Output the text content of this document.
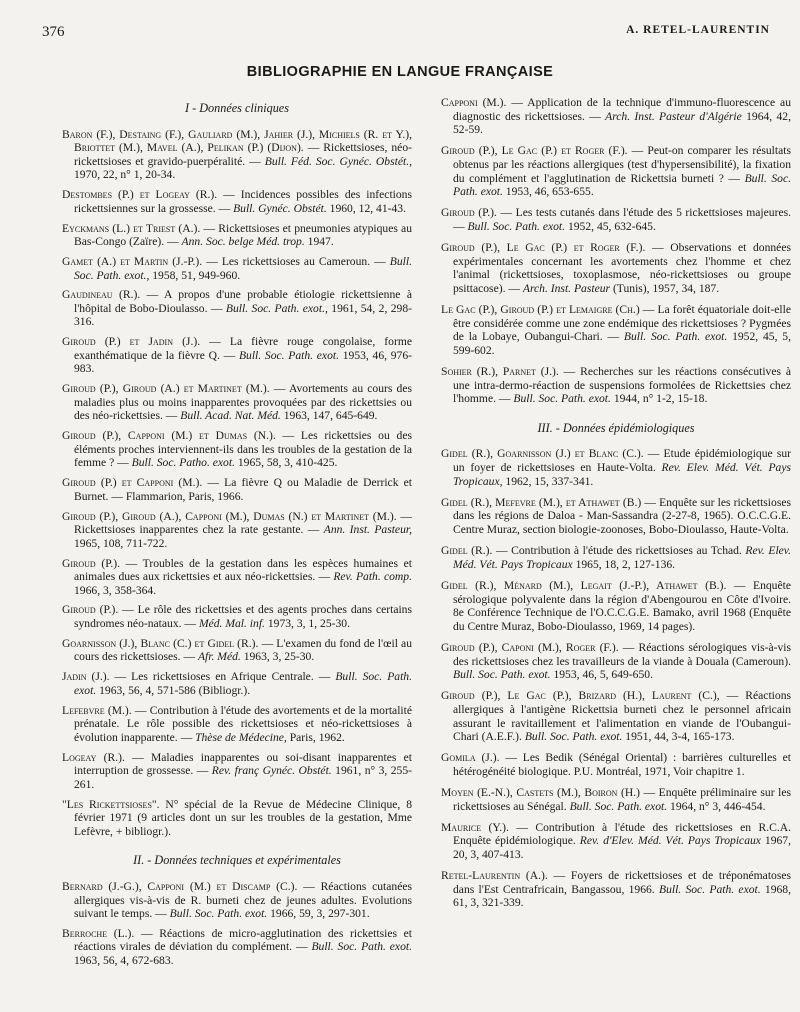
376	A. RETEL-LAURENTIN
BIBLIOGRAPHIE EN LANGUE FRANÇAISE
I - Données cliniques

Baron (F.), Destaing (F.), Gauliard (M.), Jahier (J.), Michiels (R. et Y.), Briottet (M.), Mavel (A.), Pelikan (P.) (Dijon). — Rickettsioses, néo-rickettsioses et gravido-puerpéralité. — Bull. Féd. Soc. Gynéc. Obstét., 1970, 22, n° 1, 20-34.

Destombes (P.) et Logeay (R.). — Incidences possibles des infections rickettsiennes sur la grossesse. — Bull. Gynéc. Obstét. 1960, 12, 41-43.

Eyckmans (L.) et Triest (A.). — Rickettsioses et pneumonies atypiques au Bas-Congo (Zaïre). — Ann. Soc. belge Méd. trop. 1947.

Gamet (A.) et Martin (J.-P.). — Les rickettsioses au Cameroun. — Bull. Soc. Path. exot., 1958, 51, 949-960.

Gaudineau (R.). — A propos d'une probable étiologie rickettsienne à l'hôpital de Bobo-Dioulasso. — Bull. Soc. Path. exot., 1961, 54, 2, 298-316.

Giroud (P.) et Jadin (J.). — La fièvre rouge congolaise, forme exanthématique de la fièvre Q. — Bull. Soc. Path. exot. 1953, 46, 976-983.

Giroud (P.), Giroud (A.) et Martinet (M.). — Avortements au cours des maladies plus ou moins inapparentes provoquées par des rickettsies ou des néo-rickettsies. — Bull. Acad. Nat. Méd. 1963, 147, 645-649.

Giroud (P.), Capponi (M.) et Dumas (N.). — Les rickettsies ou des éléments proches interviennent-ils dans les troubles de la gestation de la femme ? — Bull. Soc. Patho. exot. 1965, 58, 3, 410-425.

Giroud (P.) et Capponi (M.). — La fièvre Q ou Maladie de Derrick et Burnet. — Flammarion, Paris, 1966.

Giroud (P.), Giroud (A.), Capponi (M.), Dumas (N.) et Martinet (M.). — Rickettsioses inapparentes chez la rate gestante. — Ann. Inst. Pasteur, 1965, 108, 711-722.

Giroud (P.). — Troubles de la gestation dans les espèces humaines et animales dues aux rickettsies et aux néo-rickettsies. — Rev. Path. comp. 1966, 3, 358-364.

Giroud (P.). — Le rôle des rickettsies et des agents proches dans certains syndromes néo-nataux. — Méd. Mal. inf. 1973, 3, 1, 25-30.

Goarnisson (J.), Blanc (C.) et Gidel (R.). — L'examen du fond de l'œil au cours des rickettsioses. — Afr. Méd. 1963, 3, 25-30.

Jadin (J.). — Les rickettsioses en Afrique Centrale. — Bull. Soc. Path. exot. 1963, 56, 4, 571-586 (Bibliogr.).

Lefebvre (M.). — Contribution à l'étude des avortements et de la mortalité prénatale. Le rôle possible des rickettsioses et néo-rickettsioses à évolution inapparente. — Thèse de Médecine, Paris, 1962.

Logeay (R.). — Maladies inapparentes ou soi-disant inapparentes et interruption de grossesse. — Rev. franç Gynéc. Obstét. 1961, n° 3, 255-261.

"Les Rickettsioses". N° spécial de la Revue de Médecine Clinique, 8 février 1971 (9 articles dont un sur les troubles de la gestation, Mme Lefèvre, + bibliogr.).

II. - Données techniques et expérimentales

Bernard (J.-G.), Capponi (M.) et Discamp (C.). — Réactions cutanées allergiques vis-à-vis de R. burneti chez de jeunes adultes. Evolutions suivant le temps. — Bull. Soc. Path. exot. 1966, 59, 3, 297-301.

Berroche (L.). — Réactions de micro-agglutination des rickettsies et réactions virales de déviation du complément. — Bull. Soc. Path. exot. 1963, 56, 4, 672-683.

Capponi (M.). — Application de la technique d'immuno-fluorescence au diagnostic des rickettsioses. — Arch. Inst. Pasteur d'Algérie 1964, 42, 52-59.

Giroud (P.), Le Gac (P.) et Roger (F.). — Peut-on comparer les résultats obtenus par les réactions allergiques (test d'hypersensibilité), la fixation du complément et l'agglutination de Rickettsia burneti ? — Bull. Soc. Path. exot. 1953, 46, 653-655.

Giroud (P.). — Les tests cutanés dans l'étude des 5 rickettsioses majeures. — Bull. Soc. Path. exot. 1952, 45, 632-645.

Giroud (P.), Le Gac (P.) et Roger (F.). — Observations et données expérimentales concernant les avortements chez l'homme et chez l'animal (rickettsioses, toxoplasmose, néo-rickettsioses ou groupe psittacose). — Arch. Inst. Pasteur (Tunis), 1957, 34, 187.

Le Gac (P.), Giroud (P.) et Lemaigre (Ch.) — La forêt équatoriale doit-elle être considérée comme une zone endémique des rickettsioses ? Pygmées de la Lobaye, Oubangui-Chari. — Bull. Soc. Path. exot. 1952, 45, 5, 599-602.

Sohier (R.), Parnet (J.). — Recherches sur les réactions consécutives à une intra-dermo-réaction de suspensions formolées de Rickettsies chez l'homme. — Bull. Soc. Path. exot. 1944, n° 1-2, 15-18.

III. - Données épidémiologiques

Gidel (R.), Goarnisson (J.) et Blanc (C.). — Etude épidémiologique sur un foyer de rickettsioses en Haute-Volta. Rev. Elev. Méd. Vét. Pays Tropicaux, 1962, 15, 337-341.

Gidel (R.), Mefevre (M.), et Athawet (B.) — Enquête sur les rickettsioses dans les régions de Daloa - Man-Sassandra (2-27-8, 1965). O.C.C.G.E. Centre Muraz, section biologie-zoonoses, Bobo-Dioulasso, Haute-Volta.

Gidel (R.). — Contribution à l'étude des rickettsioses au Tchad. Rev. Elev. Méd. Vét. Pays Tropicaux 1965, 18, 2, 127-136.

Gidel (R.), Ménard (M.), Legait (J.-P.), Athawet (B.). — Enquête sérologique polyvalente dans la région d'Abengourou en Côte d'Ivoire. 8e Conférence Technique de l'O.C.C.G.E. Bamako, avril 1968 (Enquête du Centre Muraz, Bobo-Dioulasso, 1969, 14 pages).

Giroud (P.), Caponi (M.), Roger (F.). — Réactions sérologiques vis-à-vis des rickettsioses chez les travailleurs de la viande à Douala (Cameroun). Bull. Soc. Path. exot. 1953, 46, 5, 649-650.

Giroud (P.), Le Gac (P.), Brizard (H.), Laurent (C.), — Réactions allergiques à l'antigène Rickettsia burneti chez le personnel africain assurant le ravitaillement et l'alimentation en viande de l'Oubangui-Chari (A.E.F.). Bull. Soc. Path. exot. 1951, 44, 3-4, 165-173.

Gomila (J.). — Les Bedik (Sénégal Oriental) : barrières culturelles et hétérogénéité biologique. P.U. Montréal, 1971, Voir chapitre 1.

Moyen (E.-N.), Castets (M.), Boiron (H.) — Enquête préliminaire sur les rickettsioses au Sénégal. Bull. Soc. Path. exot. 1964, n° 3, 446-454.

Maurice (Y.). — Contribution à l'étude des rickettsioses en R.C.A. Enquête épidémiologique. Rev. d'Elev. Méd. Vét. Pays Tropicaux 1967, 20, 3, 407-413.

Retel-Laurentin (A.). — Foyers de rickettsioses et de tréponématoses dans l'Est Centrafricain, Bangassou, 1966. Bull. Soc. Path. exot. 1968, 61, 3, 321-339.
